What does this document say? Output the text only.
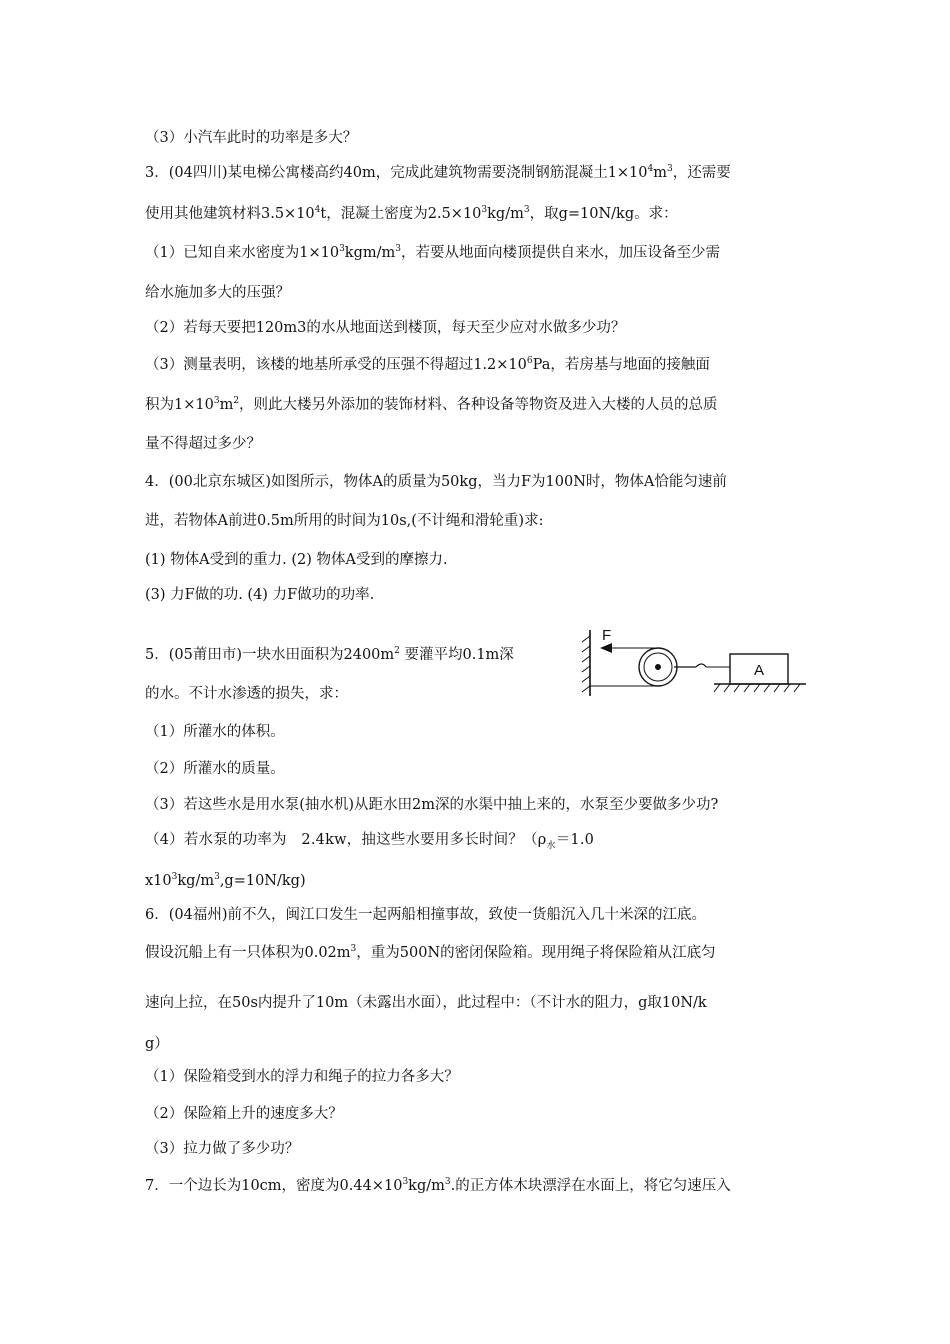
（3）小汽车此时的功率是多大？
3．(04四川)某电梯公寓楼高约40m，完成此建筑物需要浇制钢筋混凝土$1\times 10^4m^3$，还需要
使用其他建筑材料$3.5\times 10^4t$，混凝土密度为$2.5\times 10^3kg/m^3$，取g=10N/kg。求：
（1）已知自来水密度为$1\times 10^3kgm/m^3$，若要从地面向楼顶提供自来水，加压设备至少需
给水施加多大的压强？
（2）若每天要把120m3的水从地面送到楼顶，每天至少应对水做多少功？
（3）测量表明，该楼的地基所承受的压强不得超过$1.2\times 10^6Pa$，若房基与地面的接触面
积为$1\times 10^3m^2$，则此大楼另外添加的装饰材料、各种设备等物资及进入大楼的人员的总质
量不得超过多少？
4．(00北京东城区)如图所示，物体A的质量为50kg，当力F为100N时，物体A恰能匀速前
进，若物体A前进0.5m所用的时间为10s,(不计绳和滑轮重)求:
(1) 物体A受到的重力. (2) 物体A受到的摩擦力.
(3) 力F做的功. (4) 力F做功的功率.
5．(05莆田市)一块水田面积为$2400m^2$ 要灌平均0.1m深
的水。不计水渗透的损失，求：
（1）所灌水的体积。
（2）所灌水的质量。
（3）若这些水是用水泵(抽水机)从距水田2m深的水渠中抽上来的，水泵至少要做多少功?
（4）若水泵的功率为　2.4kw，抽这些水要用多长时间？（$\rho_水=1.0$
$x10^3kg/m^3,g=10N/kg$)
6．(04福州)前不久，闽江口发生一起两船相撞事故，致使一货船沉入几十米深的江底。
假设沉船上有一只体积为$0.02m^3$，重为500N的密闭保险箱。现用绳子将保险箱从江底匀
速向上拉，在50s内提升了10m（未露出水面），此过程中：（不计水的阻力，g取10N/k
g）
（1）保险箱受到水的浮力和绳子的拉力各多大？
（2）保险箱上升的速度多大？
（3）拉力做了多少功？
7．一个边长为10cm，密度为$0.44\times 10^3kg/m^3$.的正方体木块漂浮在水面上，将它匀速压入
F
A
